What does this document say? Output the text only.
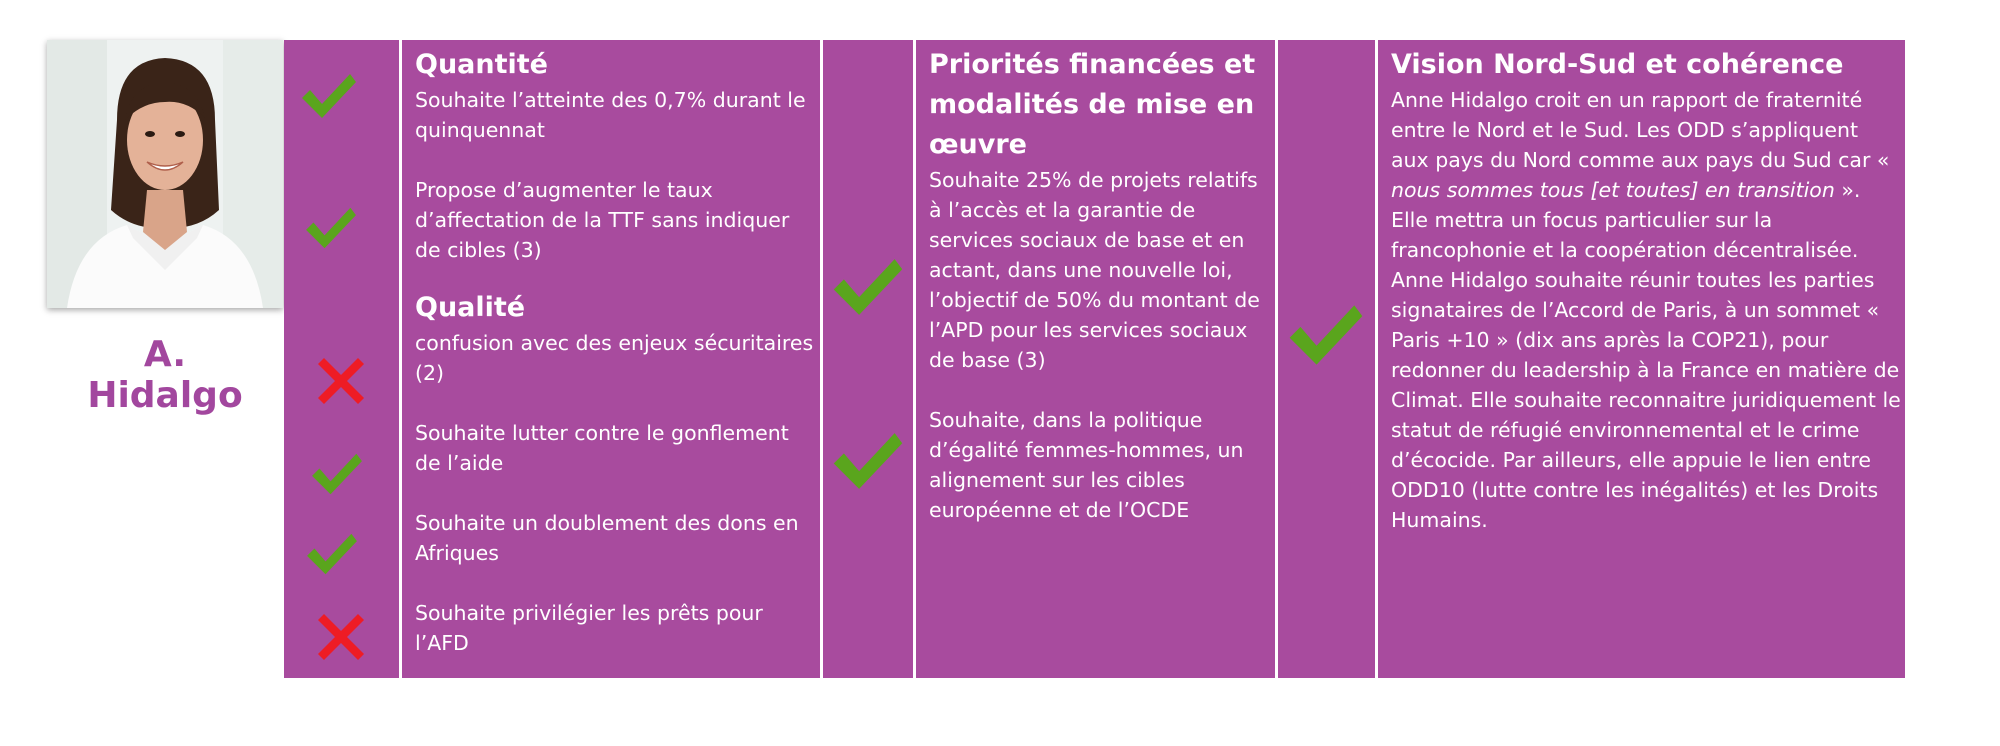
A. Hidalgo

Quantité

Souhaite l’atteinte des 0,7% durant le quinquennat

Propose d’augmenter le taux d’affectation de la TTF sans indiquer de cibles (3)

Qualité

confusion avec des enjeux sécuritaires (2)

Souhaite lutter contre le gonflement de l’aide

Souhaite un doublement des dons en Afriques

Souhaite privilégier les prêts pour l’AFD

Priorités financées et modalités de mise en œuvre

Souhaite 25% de projets relatifs à l’accès et la garantie de services sociaux de base et en actant, dans une nouvelle loi, l’objectif de 50% du montant de l’APD pour les services sociaux de base (3)

Souhaite, dans la politique d’égalité femmes-hommes, un alignement sur les cibles européenne et de l’OCDE

Vision Nord-Sud et cohérence

Anne Hidalgo croit en un rapport de fraternité entre le Nord et le Sud. Les ODD s’appliquent aux pays du Nord comme aux pays du Sud car « nous sommes tous [et toutes] en transition ». Elle mettra un focus particulier sur la francophonie et la coopération décentralisée.

Anne Hidalgo souhaite réunir toutes les parties signataires de l’Accord de Paris, à un sommet « Paris +10 » (dix ans après la COP21), pour redonner du leadership à la France en matière de Climat. Elle souhaite reconnaitre juridiquement le statut de réfugié environnemental et le crime d’écocide. Par ailleurs, elle appuie le lien entre ODD10 (lutte contre les inégalités) et les Droits Humains.
